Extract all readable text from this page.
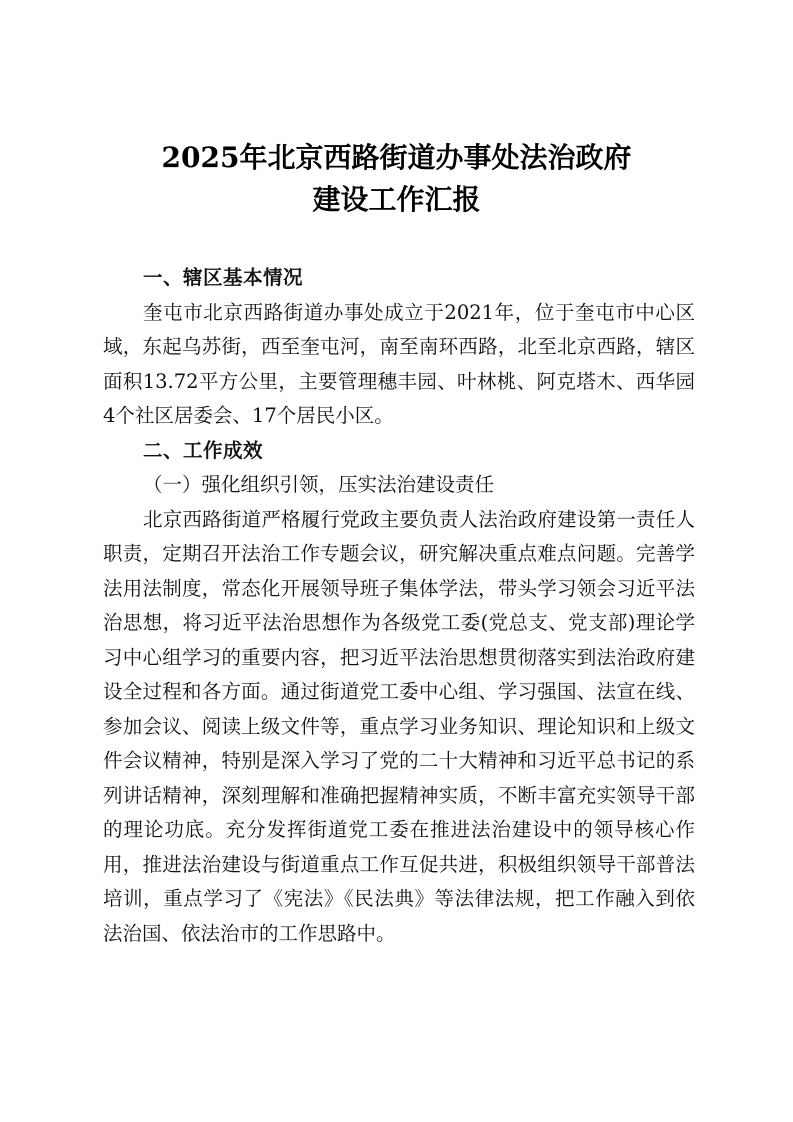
2025年北京西路街道办事处法治政府
建设工作汇报

一、辖区基本情况

奎屯市北京西路街道办事处成立于2021年，位于奎屯市中心区域，东起乌苏街，西至奎屯河，南至南环西路，北至北京西路，辖区面积13.72平方公里，主要管理穗丰园、叶林桃、阿克塔木、西华园4个社区居委会、17个居民小区。

二、工作成效

（一）强化组织引领，压实法治建设责任

北京西路街道严格履行党政主要负责人法治政府建设第一责任人职责，定期召开法治工作专题会议，研究解决重点难点问题。完善学法用法制度，常态化开展领导班子集体学法，带头学习领会习近平法治思想，将习近平法治思想作为各级党工委(党总支、党支部)理论学习中心组学习的重要内容，把习近平法治思想贯彻落实到法治政府建设全过程和各方面。通过街道党工委中心组、学习强国、法宣在线、参加会议、阅读上级文件等，重点学习业务知识、理论知识和上级文件会议精神，特别是深入学习了党的二十大精神和习近平总书记的系列讲话精神，深刻理解和准确把握精神实质，不断丰富充实领导干部的理论功底。充分发挥街道党工委在推进法治建设中的领导核心作用，推进法治建设与街道重点工作互促共进，积极组织领导干部普法培训，重点学习了《宪法》《民法典》等法律法规，把工作融入到依法治国、依法治市的工作思路中。
